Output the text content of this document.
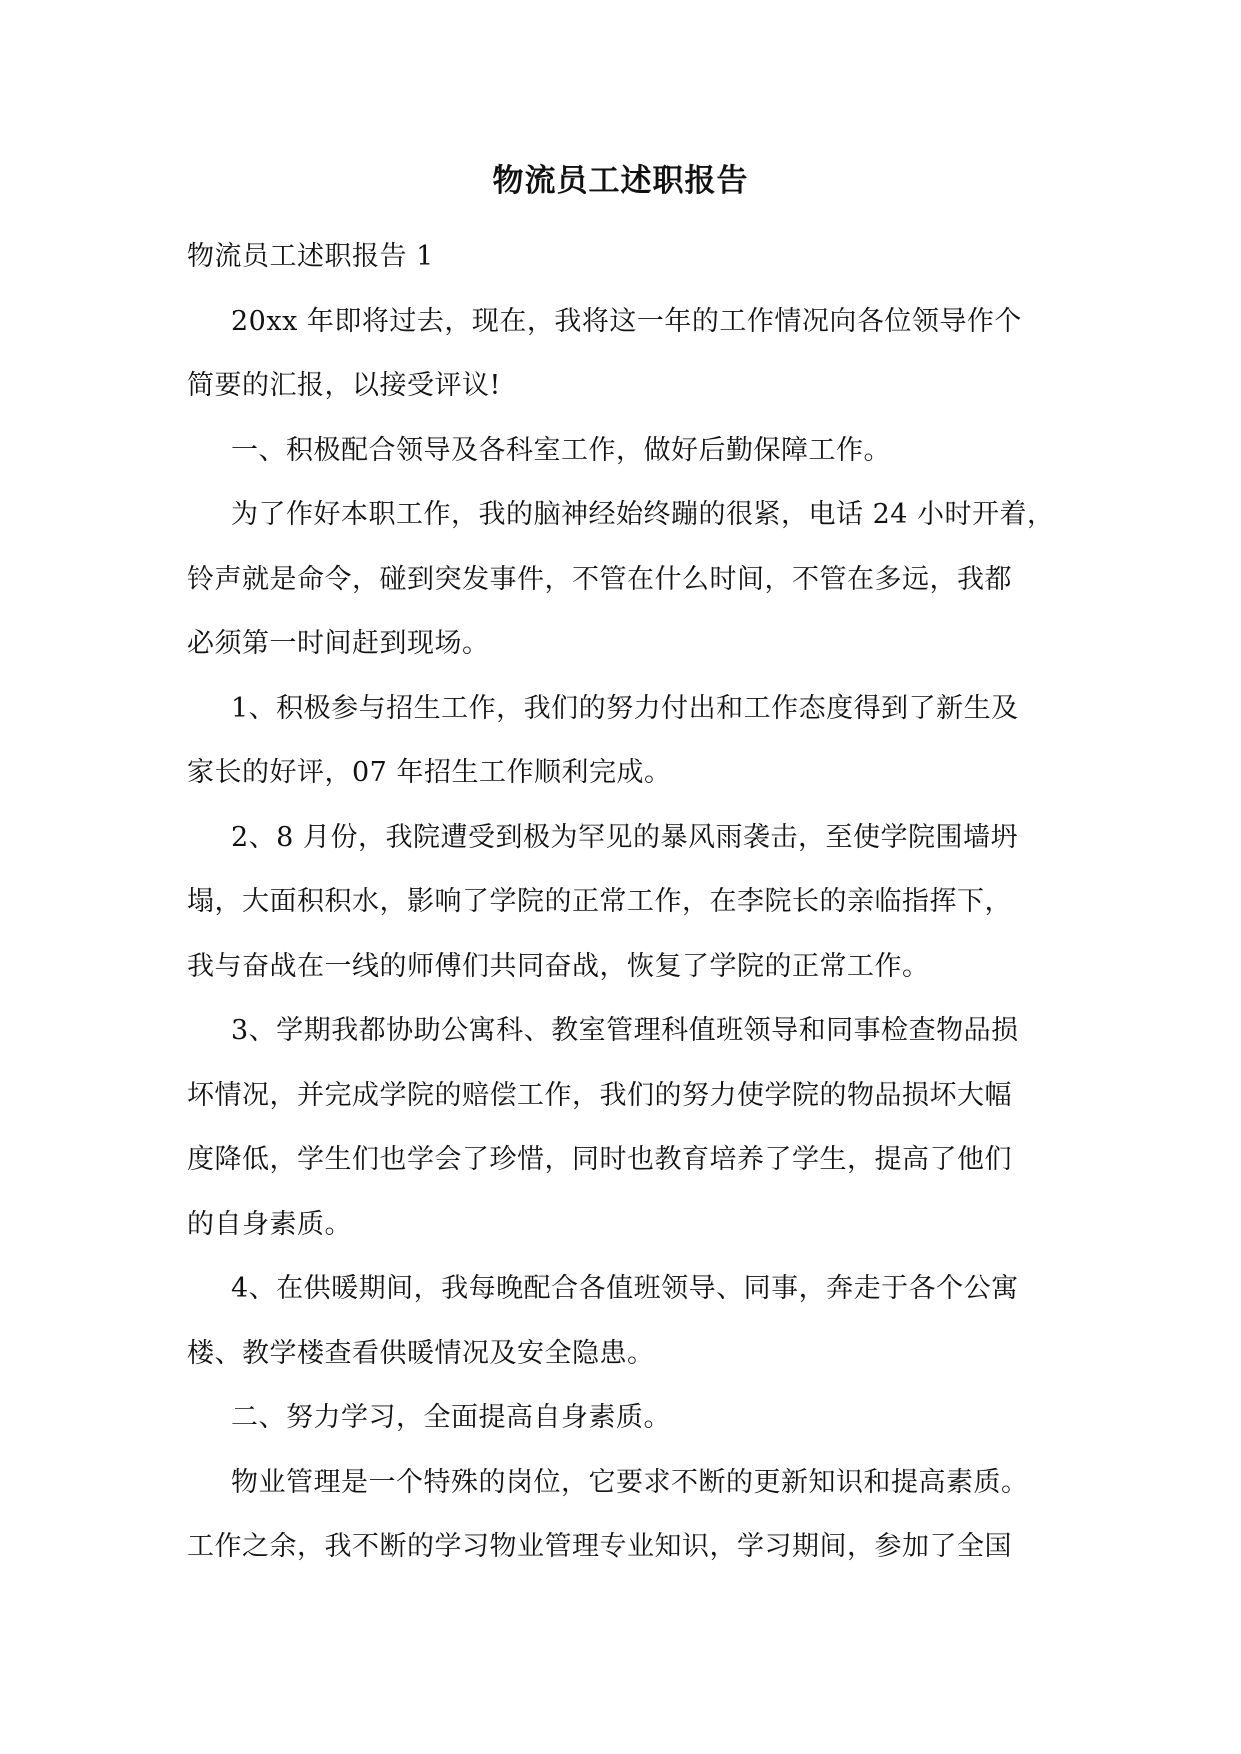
物流员工述职报告

物流员工述职报告 1

20xx 年即将过去，现在，我将这一年的工作情况向各位领导作个

简要的汇报，以接受评议!

一、积极配合领导及各科室工作，做好后勤保障工作。

为了作好本职工作，我的脑神经始终蹦的很紧，电话 24 小时开着，

铃声就是命令，碰到突发事件，不管在什么时间，不管在多远，我都

必须第一时间赶到现场。

1、积极参与招生工作，我们的努力付出和工作态度得到了新生及

家长的好评，07 年招生工作顺利完成。

2、8 月份，我院遭受到极为罕见的暴风雨袭击，至使学院围墙坍

塌，大面积积水，影响了学院的正常工作，在李院长的亲临指挥下，

我与奋战在一线的师傅们共同奋战，恢复了学院的正常工作。

3、学期我都协助公寓科、教室管理科值班领导和同事检查物品损

坏情况，并完成学院的赔偿工作，我们的努力使学院的物品损坏大幅

度降低，学生们也学会了珍惜，同时也教育培养了学生，提高了他们

的自身素质。

4、在供暖期间，我每晚配合各值班领导、同事，奔走于各个公寓

楼、教学楼查看供暖情况及安全隐患。

二、努力学习，全面提高自身素质。

物业管理是一个特殊的岗位，它要求不断的更新知识和提高素质。

工作之余，我不断的学习物业管理专业知识，学习期间，参加了全国
